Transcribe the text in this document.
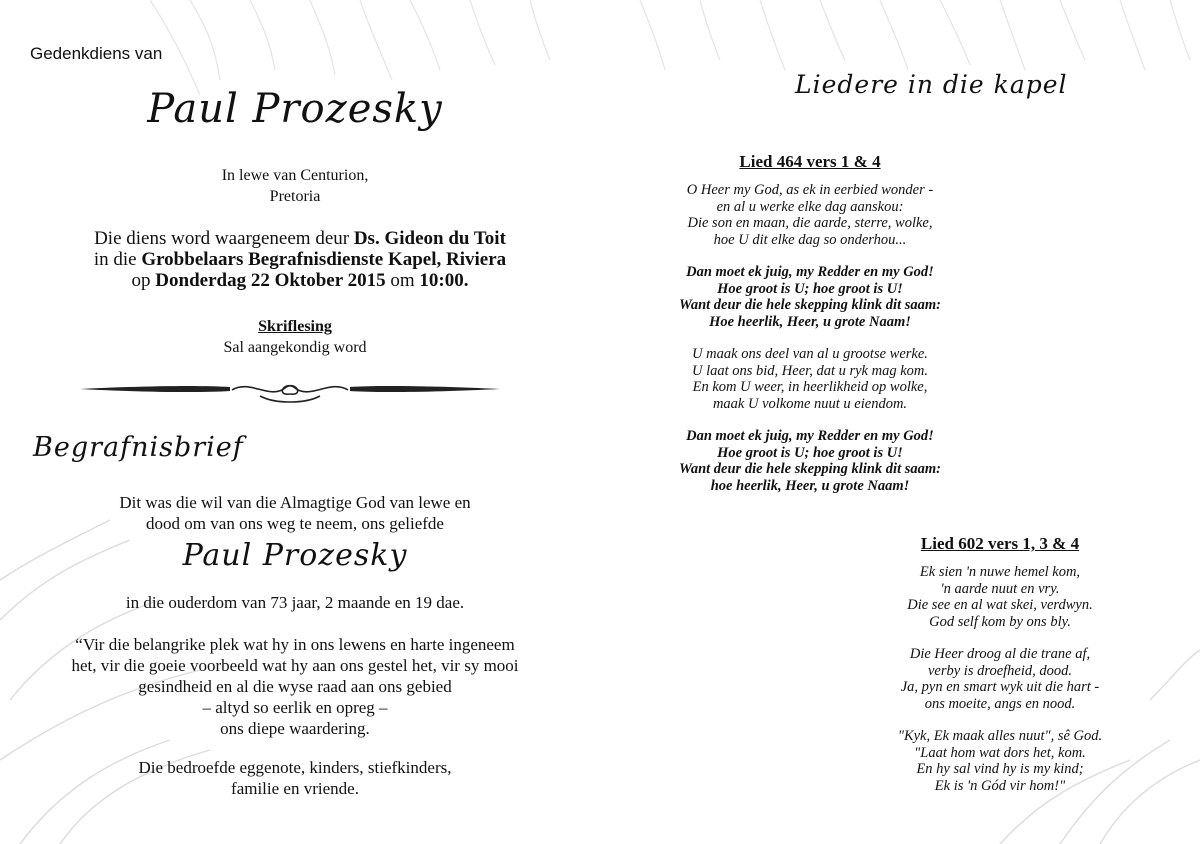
Gedenkdiens van
Paul Prozesky
In lewe van Centurion,
Pretoria
Die diens word waargeneem deur Ds. Gideon du Toit
in die Grobbelaars Begrafnisdienste Kapel, Riviera
op Donderdag 22 Oktober 2015 om 10:00.
Skriflesing
Sal aangekondig word
Begrafnisbrief
Dit was die wil van die Almagtige God van lewe en
dood om van ons weg te neem, ons geliefde
Paul Prozesky
in die ouderdom van 73 jaar, 2 maande en 19 dae.
“Vir die belangrike plek wat hy in ons lewens en harte ingeneem
het, vir die goeie voorbeeld wat hy aan ons gestel het, vir sy mooi
gesindheid en al die wyse raad aan ons gebied
– altyd so eerlik en opreg –
ons diepe waardering.
Die bedroefde eggenote, kinders, stiefkinders,
familie en vriende.
Liedere in die kapel
Lied 464 vers 1 & 4
O Heer my God, as ek in eerbied wonder -
en al u werke elke dag aanskou:
Die son en maan, die aarde, sterre, wolke,
hoe U dit elke dag so onderhou...
Dan moet ek juig, my Redder en my God!
Hoe groot is U; hoe groot is U!
Want deur die hele skepping klink dit saam:
Hoe heerlik, Heer, u grote Naam!
U maak ons deel van al u grootse werke.
U laat ons bid, Heer, dat u ryk mag kom.
En kom U weer, in heerlikheid op wolke,
maak U volkome nuut u eiendom.
Dan moet ek juig, my Redder en my God!
Hoe groot is U; hoe groot is U!
Want deur die hele skepping klink dit saam:
hoe heerlik, Heer, u grote Naam!
Lied 602 vers 1, 3 & 4
Ek sien 'n nuwe hemel kom,
'n aarde nuut en vry.
Die see en al wat skei, verdwyn.
God self kom by ons bly.
Die Heer droog al die trane af,
verby is droefheid, dood.
Ja, pyn en smart wyk uit die hart -
ons moeite, angs en nood.
"Kyk, Ek maak alles nuut", sê God.
"Laat hom wat dors het, kom.
En hy sal vind hy is my kind;
Ek is 'n Gód vir hom!"
